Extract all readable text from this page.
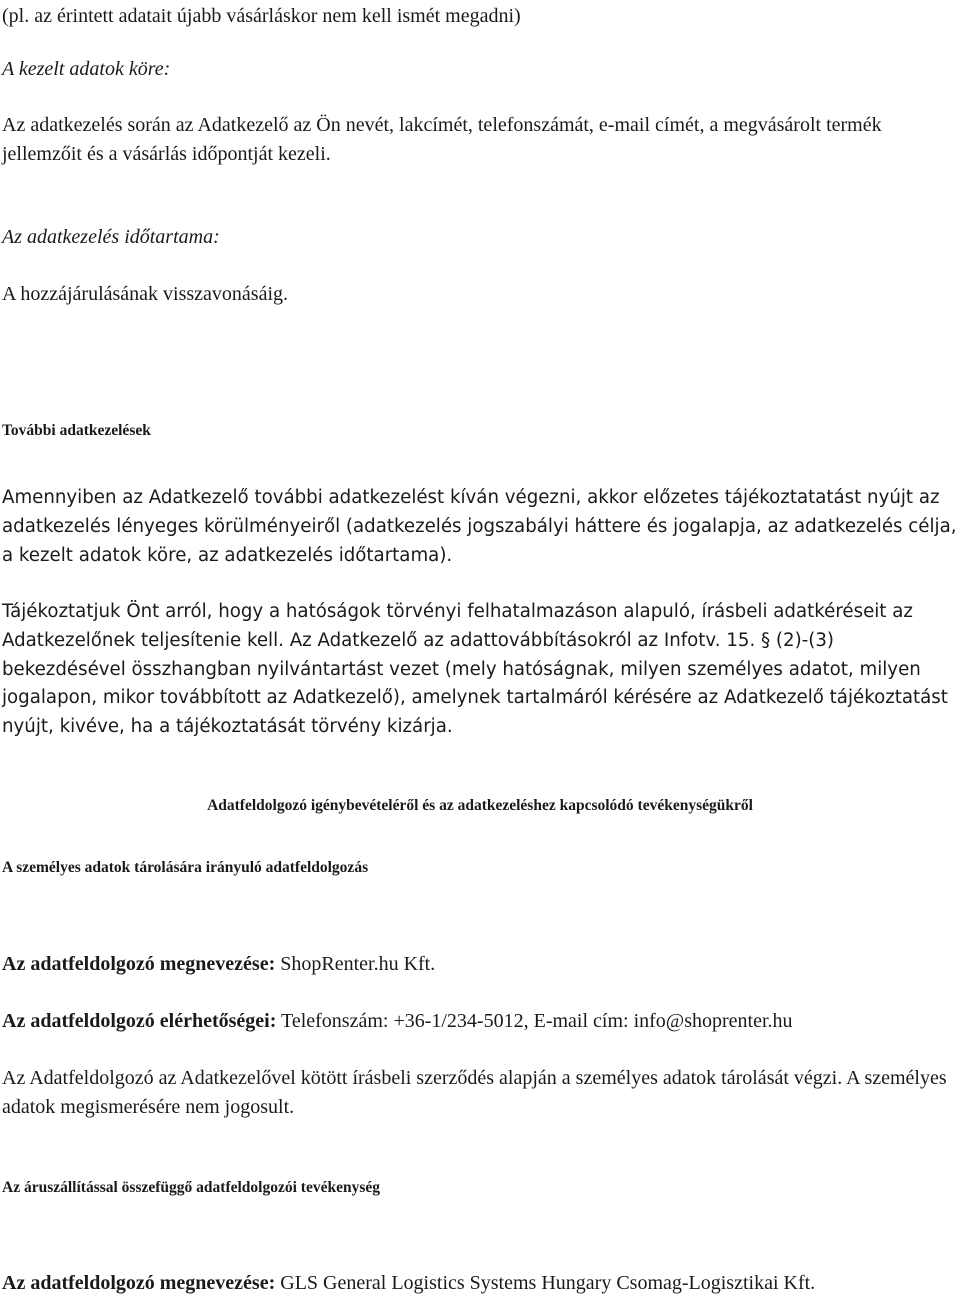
(pl. az érintett adatait újabb vásárláskor nem kell ismét megadni)

A kezelt adatok köre:

Az adatkezelés során az Adatkezelő az Ön nevét, lakcímét, telefonszámát, e-mail címét, a megvásárolt termék jellemzőit és a vásárlás időpontját kezeli.

Az adatkezelés időtartama:

A hozzájárulásának visszavonásáig.

További adatkezelések

Amennyiben az Adatkezelő további adatkezelést kíván végezni, akkor előzetes tájékoztatatást nyújt az adatkezelés lényeges körülményeiről (adatkezelés jogszabályi háttere és jogalapja, az adatkezelés célja, a kezelt adatok köre, az adatkezelés időtartama).

Tájékoztatjuk Önt arról, hogy a hatóságok törvényi felhatalmazáson alapuló, írásbeli adatkéréseit az Adatkezelőnek teljesítenie kell. Az Adatkezelő az adattovábbításokról az Infotv. 15. § (2)-(3) bekezdésével összhangban nyilvántartást vezet (mely hatóságnak, milyen személyes adatot, milyen jogalapon, mikor továbbított az Adatkezelő), amelynek tartalmáról kérésére az Adatkezelő tájékoztatást nyújt, kivéve, ha a tájékoztatását törvény kizárja.

Adatfeldolgozó igénybevételéről és az adatkezeléshez kapcsolódó tevékenységükről

A személyes adatok tárolására irányuló adatfeldolgozás

Az adatfeldolgozó megnevezése: ShopRenter.hu Kft.

Az adatfeldolgozó elérhetőségei: Telefonszám: +36-1/234-5012, E-mail cím: info@shoprenter.hu

Az Adatfeldolgozó az Adatkezelővel kötött írásbeli szerződés alapján a személyes adatok tárolását végzi. A személyes adatok megismerésére nem jogosult.

Az áruszállítással összefüggő adatfeldolgozói tevékenység

Az adatfeldolgozó megnevezése: GLS General Logistics Systems Hungary Csomag-Logisztikai Kft.
